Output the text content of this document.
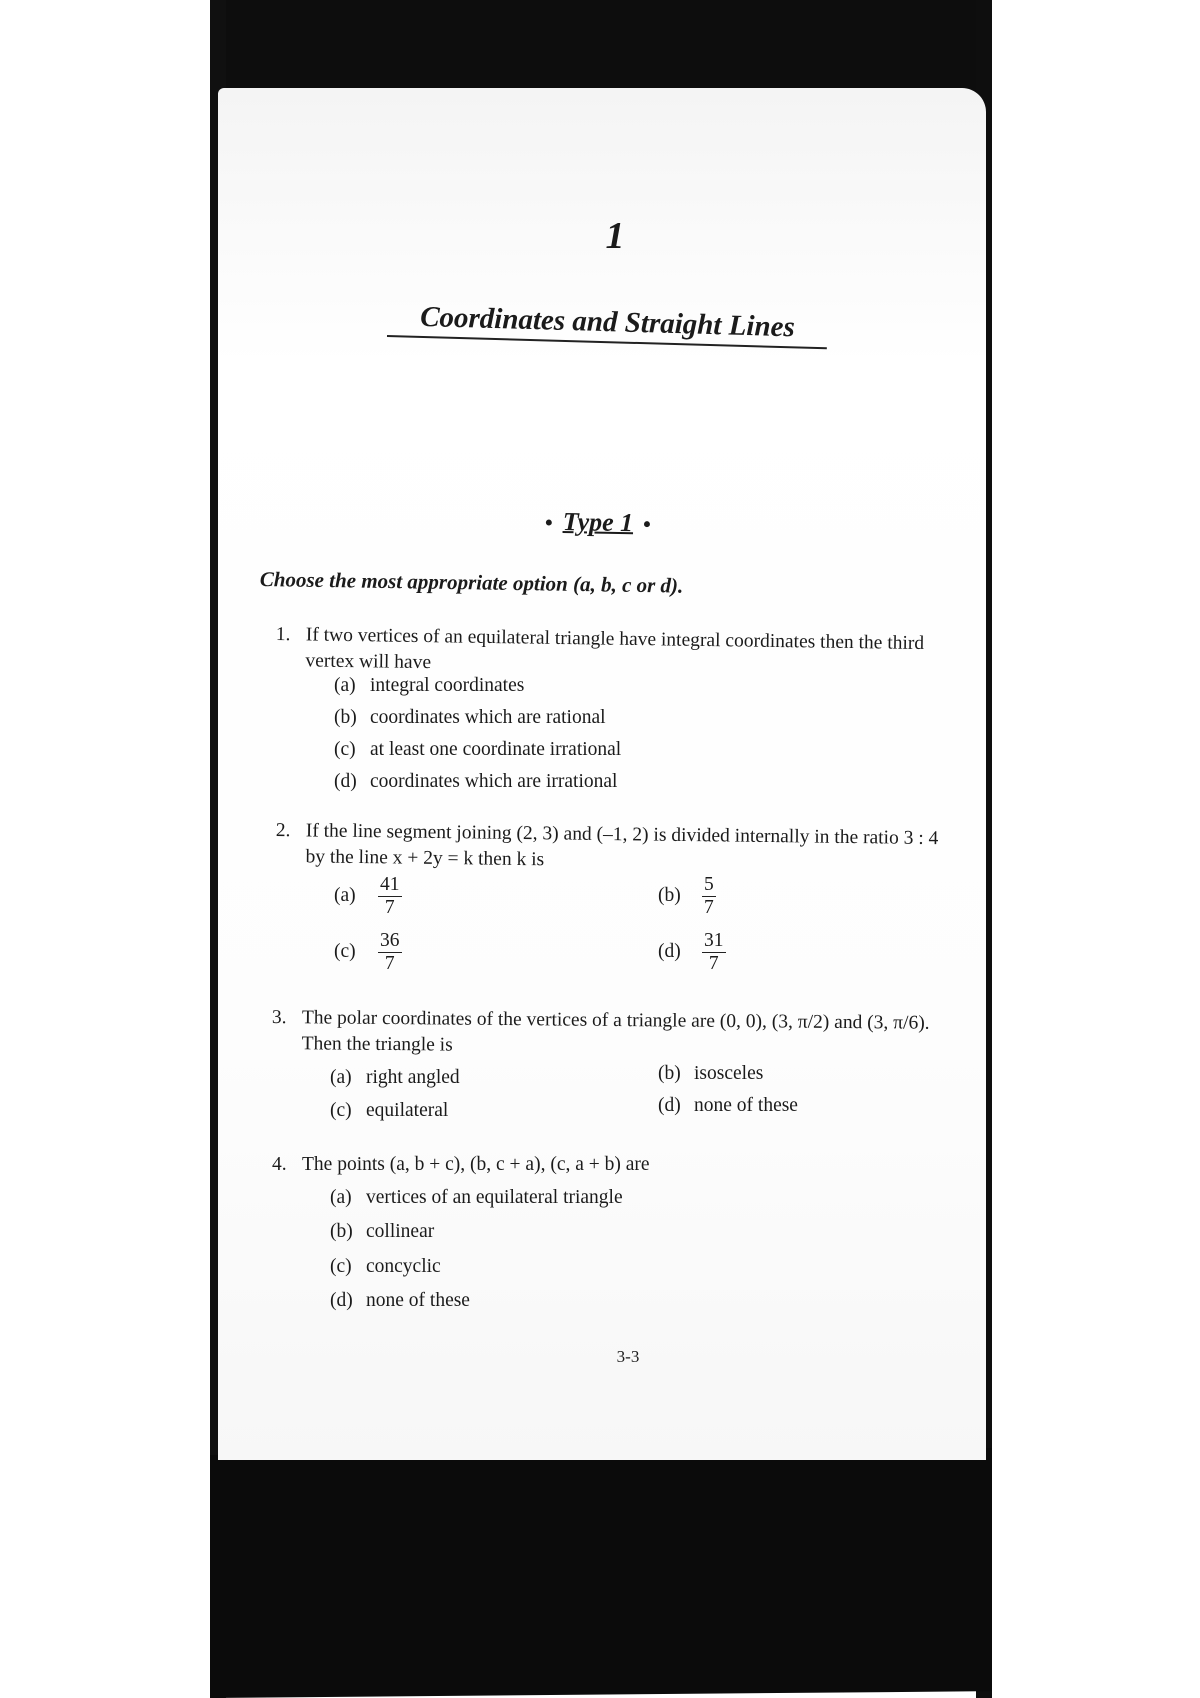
1
Coordinates and Straight Lines
• Type 1 •
Choose the most appropriate option (a, b, c or d).
1. If two vertices of an equilateral triangle have integral coordinates then the third vertex will have
(a) integral coordinates
(b) coordinates which are rational
(c) at least one coordinate irrational
(d) coordinates which are irrational
2. If the line segment joining (2, 3) and (–1, 2) is divided internally in the ratio 3 : 4 by the line x + 2y = k then k is
$(a) \frac{41}{7}$	$(b) \frac{5}{7}$
$(c) \frac{36}{7}$	$(d) \frac{31}{7}$
3. The polar coordinates of the vertices of a triangle are (0, 0), (3, π/2) and (3, π/6). Then the triangle is
(a) right angled	(b) isosceles
(c) equilateral	(d) none of these
4. The points (a, b + c), (b, c + a), (c, a + b) are
(a) vertices of an equilateral triangle
(b) collinear
(c) concyclic
(d) none of these
3-3
